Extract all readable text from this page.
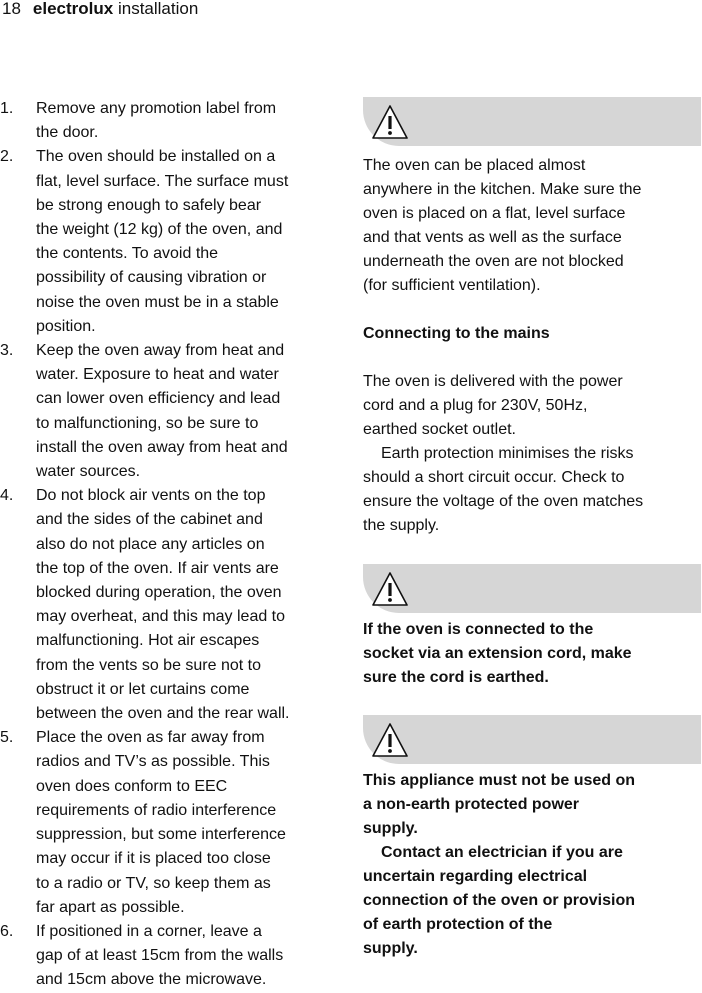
18 electrolux installation
1.	Remove any promotion label from
the door.
2.	The oven should be installed on a
flat, level surface. The surface must
be strong enough to safely bear
the weight (12 kg) of the oven, and
the contents. To avoid the
possibility of causing vibration or
noise the oven must be in a stable
position.
3.	Keep the oven away from heat and
water. Exposure to heat and water
can lower oven efficiency and lead
to malfunctioning, so be sure to
install the oven away from heat and
water sources.
4.	Do not block air vents on the top
and the sides of the cabinet and
also do not place any articles on
the top of the oven. If air vents are
blocked during operation, the oven
may overheat, and this may lead to
malfunctioning. Hot air escapes
from the vents so be sure not to
obstruct it or let curtains come
between the oven and the rear wall.
5.	Place the oven as far away from
radios and TV’s as possible. This
oven does conform to EEC
requirements of radio interference
suppression, but some interference
may occur if it is placed too close
to a radio or TV, so keep them as
far apart as possible.
6.	If positioned in a corner, leave a
gap of at least 15cm from the walls
and 15cm above the microwave.
The oven can be placed almost
anywhere in the kitchen. Make sure the
oven is placed on a flat, level surface
and that vents as well as the surface
underneath the oven are not blocked
(for sufficient ventilation).
Connecting to the mains
The oven is delivered with the power
cord and a plug for 230V, 50Hz,
earthed socket outlet.
Earth protection minimises the risks
should a short circuit occur. Check to
ensure the voltage of the oven matches
the supply.
If the oven is connected to the
socket via an extension cord, make
sure the cord is earthed.
This appliance must not be used on
a non-earth protected power
supply.
Contact an electrician if you are
uncertain regarding electrical
connection of the oven or provision
of earth protection of the
supply.
